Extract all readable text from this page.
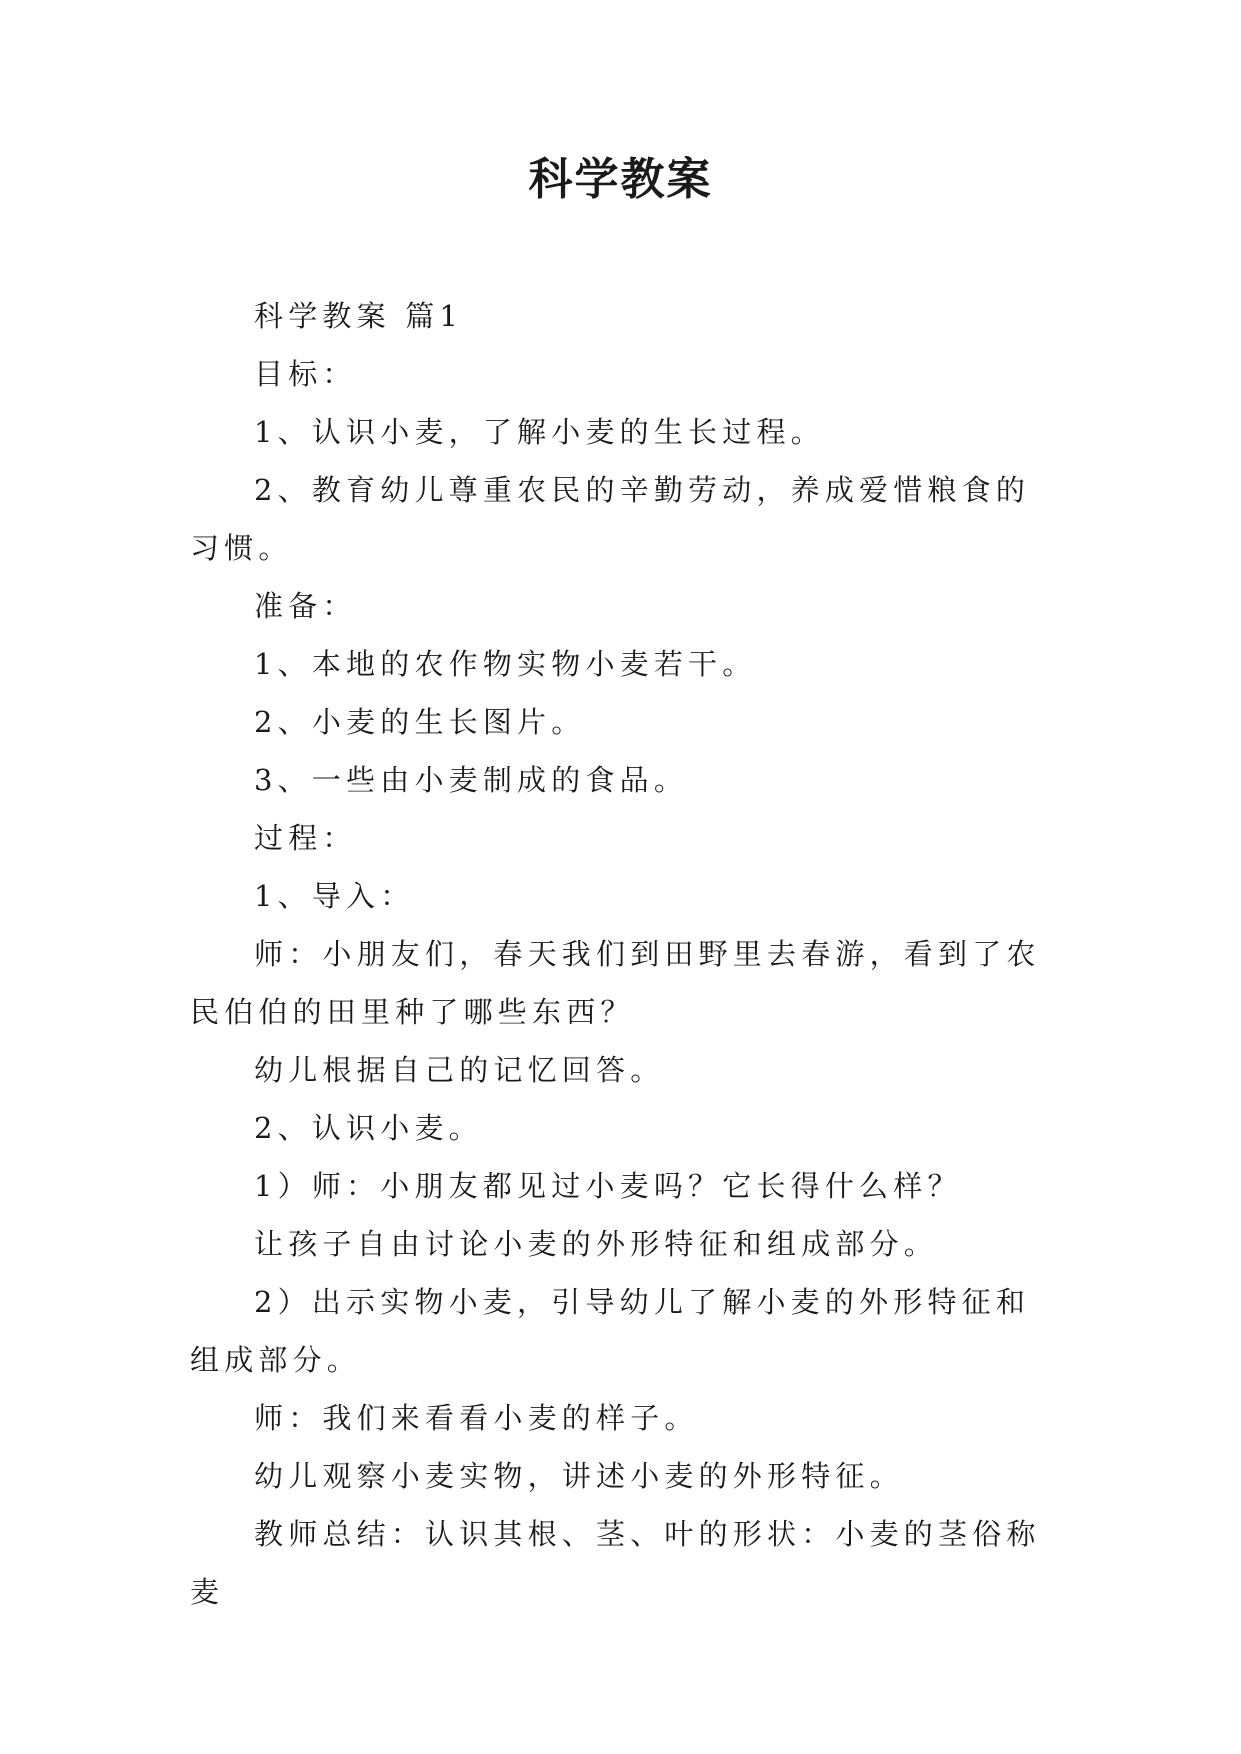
科学教案

科学教案 篇1

目标：

1、认识小麦，了解小麦的生长过程。

2、教育幼儿尊重农民的辛勤劳动，养成爱惜粮食的习惯。

准备：

1、本地的农作物实物小麦若干。

2、小麦的生长图片。

3、一些由小麦制成的食品。

过程：

1、导入：

师：小朋友们，春天我们到田野里去春游，看到了农民伯伯的田里种了哪些东西？

幼儿根据自己的记忆回答。

2、认识小麦。

1）师：小朋友都见过小麦吗？它长得什么样？

让孩子自由讨论小麦的外形特征和组成部分。

2）出示实物小麦，引导幼儿了解小麦的外形特征和组成部分。

师：我们来看看小麦的样子。

幼儿观察小麦实物，讲述小麦的外形特征。

教师总结：认识其根、茎、叶的形状：小麦的茎俗称麦
